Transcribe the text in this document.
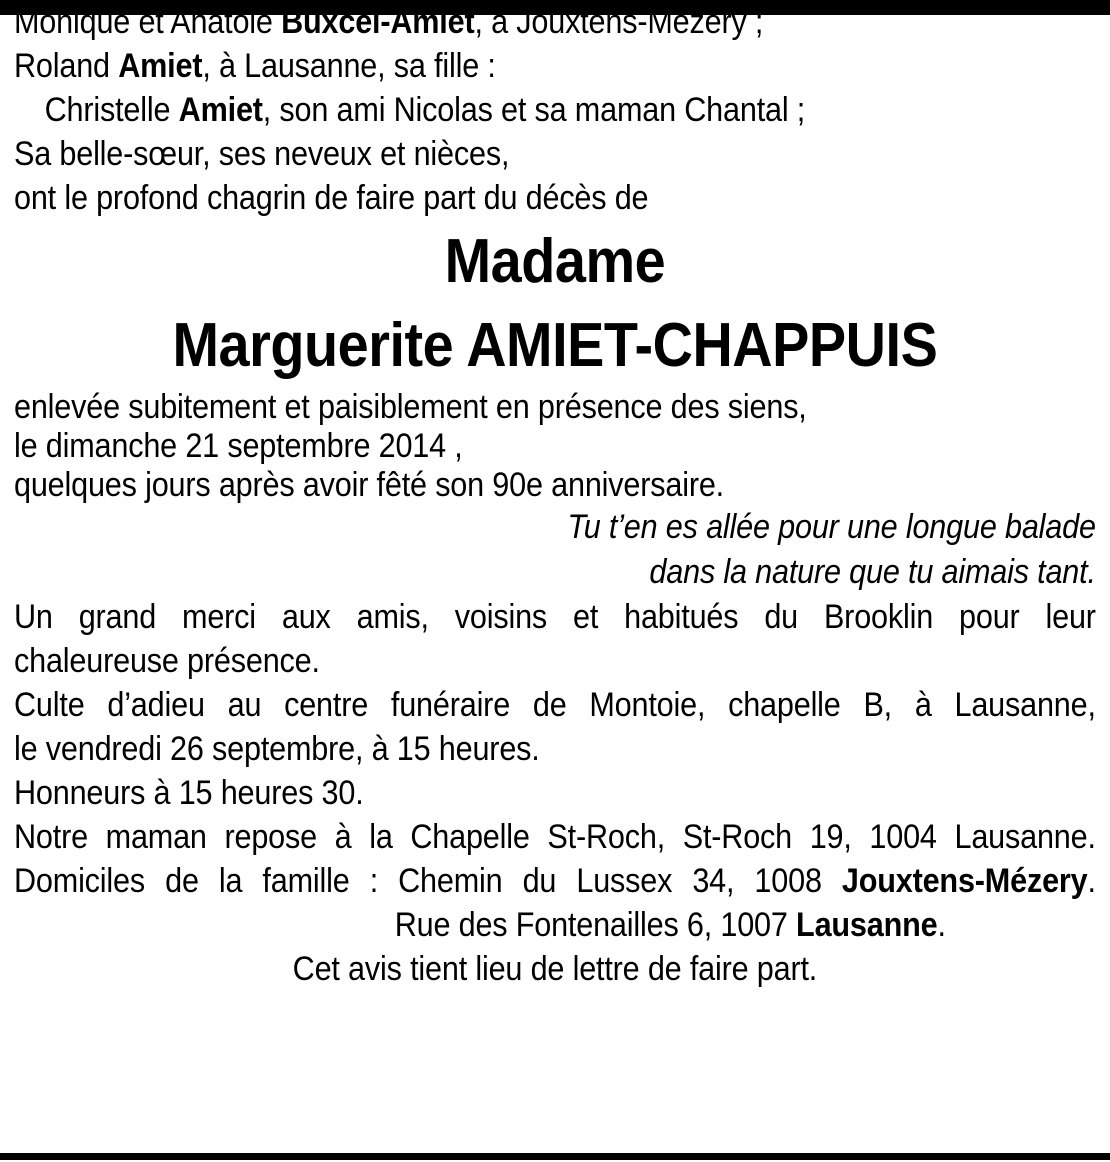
Monique et Anatole Buxcel-Amiet, à Jouxtens-Mézery ;
Roland Amiet, à Lausanne, sa fille :
Christelle Amiet, son ami Nicolas et sa maman Chantal ;
Sa belle-sœur, ses neveux et nièces,
ont le profond chagrin de faire part du décès de
Madame
Marguerite AMIET-CHAPPUIS
enlevée subitement et paisiblement en présence des siens,
le dimanche 21 septembre 2014 ,
quelques jours après avoir fêté son 90e anniversaire.
Tu t’en es allée pour une longue balade
dans la nature que tu aimais tant.
Un grand merci aux amis, voisins et habitués du Brooklin pour leur
chaleureuse présence.
Culte d’adieu au centre funéraire de Montoie, chapelle B, à Lausanne,
le vendredi 26 septembre, à 15 heures.
Honneurs à 15 heures 30.
Notre maman repose à la Chapelle St-Roch, St-Roch 19, 1004 Lausanne.
Domiciles de la famille : Chemin du Lussex 34, 1008 Jouxtens-Mézery.
Rue des Fontenailles 6, 1007 Lausanne.
Cet avis tient lieu de lettre de faire part.
